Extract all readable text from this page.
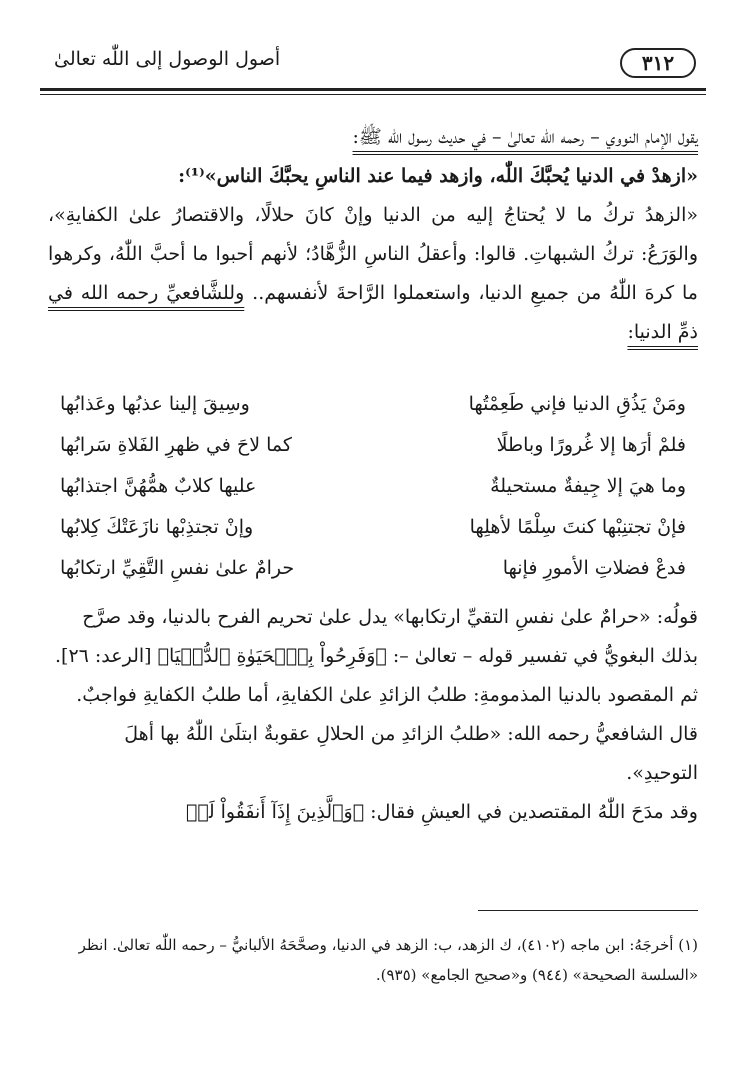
أصول الوصول إلى اللّٰه تعالىٰ	٣١٢

يقول الإمام النووي – رحمه اللّٰه تعالىٰ – في حديث رسول اللّٰه ﷺ:

«ازهدْ في الدنيا يُحبَّكَ اللّٰه، وازهد فيما عند الناسِ يحبَّكَ الناس»⁽¹⁾:

«الزهدُ تركُ ما لا يُحتاجُ إليه من الدنيا وإنْ كانَ حلالًا، والاقتصارُ علىٰ الكفايةِ»، والوَرَعُ: تركُ الشبهاتِ. قالوا: وأعقلُ الناسِ الزُّهَّادُ؛ لأنهم أحبوا ما أحبَّ اللّٰهُ، وكرهوا ما كرهَ اللّٰهُ من جميعِ الدنيا، واستعملوا الرَّاحةَ لأنفسهم.. وللشَّافعيِّ رحمه الله في ذمِّ الدنيا:

ومَنْ يَذُقِ الدنيا فإني طَعِمْتُها
وسِيقَ إلينا عذبُها وعَذابُها
فلمْ أرَها إلا غُرورًا وباطلًا
كما لاحَ في ظهرِ الفَلاةِ سَرابُها
وما هيَ إلا جِيفةٌ مستحيلةٌ
عليها كلابٌ همُّهُنَّ اجتذابُها
فإنْ تجتنِبْها كنتَ سِلْمًا لأهلِها
وإنْ تجتذِبْها نازَعَتْكَ كِلابُها
فدعْ فضلاتِ الأمورِ فإنها
حرامٌ علىٰ نفسِ التَّقِيِّ ارتكابُها

قولُه: «حرامٌ علىٰ نفسِ التقيِّ ارتكابها» يدل علىٰ تحريم الفرح بالدنيا، وقد صرَّح بذلك البغويُّ في تفسير قوله – تعالىٰ –: ﴿وَفَرِحُواْ بِٱلۡحَيَوٰةِ ٱلدُّنۡيَا﴾ [الرعد: ٢٦]. ثم المقصود بالدنيا المذمومةِ: طلبُ الزائدِ علىٰ الكفايةِ، أما طلبُ الكفايةِ فواجبٌ.

قال الشافعيُّ رحمه الله: «طلبُ الزائدِ من الحلالِ عقوبةٌ ابتلَىٰ اللّٰهُ بها أهلَ التوحيدِ».

وقد مدَحَ اللّٰهُ المقتصدين في العيشِ فقال: ﴿وَٱلَّذِينَ إِذَآ أَنفَقُواْ لَمۡ

(١) أخرجَهُ: ابن ماجه (٤١٠٢)، ك الزهد، ب: الزهد في الدنيا، وصحَّحَهُ الألبانيُّ – رحمه اللّٰه تعالىٰ. انظر «السلسة الصحيحة» (٩٤٤) و«صحيح الجامع» (٩٣٥).
